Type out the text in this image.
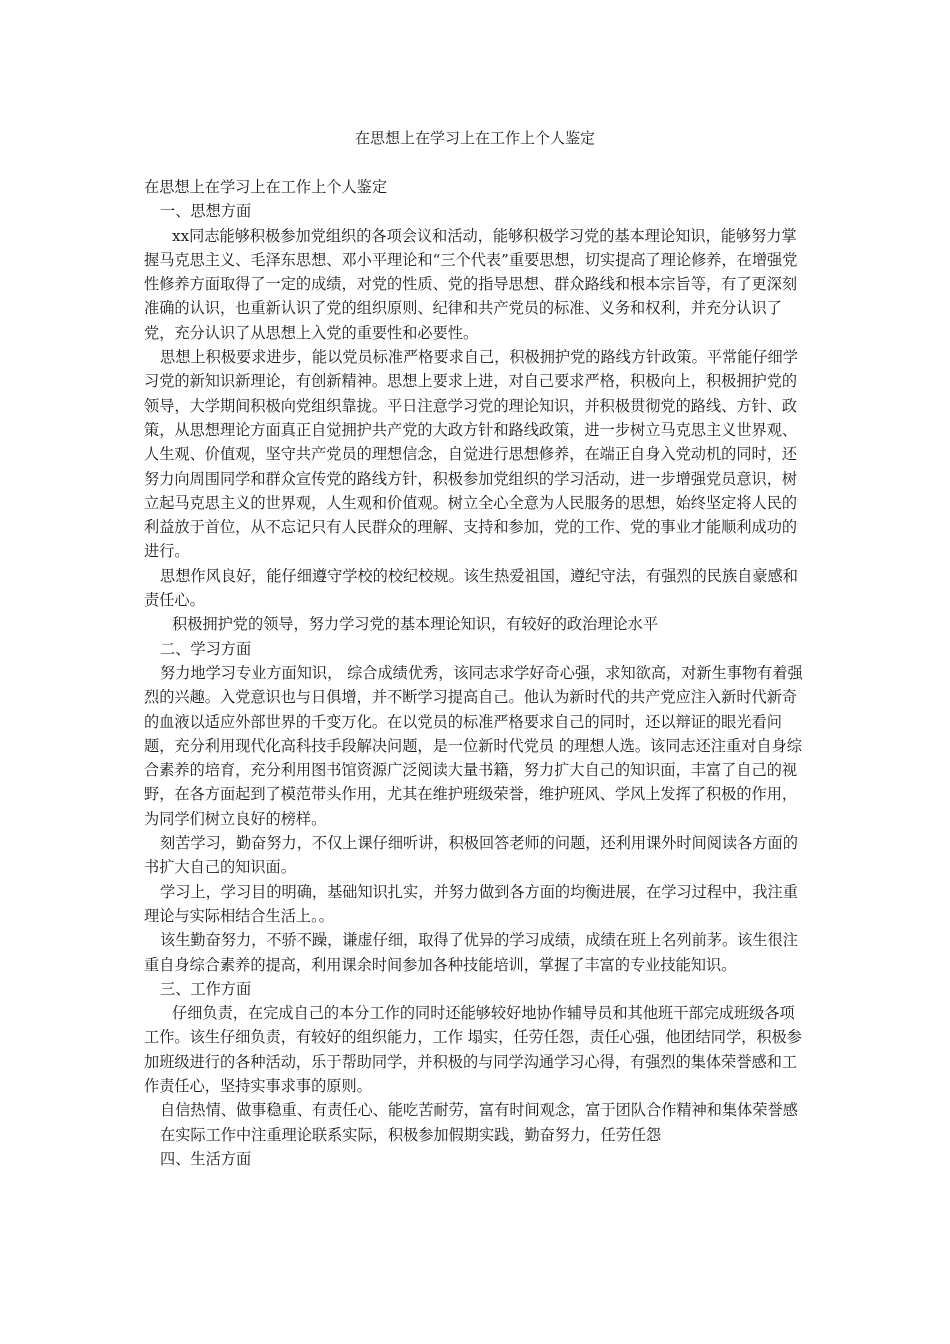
在思想上在学习上在工作上个人鉴定

在思想上在学习上在工作上个人鉴定

一、思想方面

xx同志能够积极参加党组织的各项会议和活动，能够积极学习党的基本理论知识，能够努力掌握马克思主义、毛泽东思想、邓小平理论和“三个代表”重要思想，切实提高了理论修养，在增强党性修养方面取得了一定的成绩，对党的性质、党的指导思想、群众路线和根本宗旨等，有了更深刻准确的认识，也重新认识了党的组织原则、纪律和共产党员的标准、义务和权利，并充分认识了党，充分认识了从思想上入党的重要性和必要性。

思想上积极要求进步，能以党员标准严格要求自己，积极拥护党的路线方针政策。平常能仔细学习党的新知识新理论，有创新精神。思想上要求上进，对自己要求严格，积极向上，积极拥护党的领导，大学期间积极向党组织靠拢。平日注意学习党的理论知识，并积极贯彻党的路线、方针、政策，从思想理论方面真正自觉拥护共产党的大政方针和路线政策，进一步树立马克思主义世界观、人生观、价值观，坚守共产党员的理想信念，自觉进行思想修养，在端正自身入党动机的同时，还努力向周围同学和群众宣传党的路线方针，积极参加党组织的学习活动，进一步增强党员意识，树立起马克思主义的世界观，人生观和价值观。树立全心全意为人民服务的思想，始终坚定将人民的利益放于首位，从不忘记只有人民群众的理解、支持和参加，党的工作、党的事业才能顺利成功的进行。

思想作风良好，能仔细遵守学校的校纪校规。该生热爱祖国，遵纪守法，有强烈的民族自豪感和责任心。

积极拥护党的领导，努力学习党的基本理论知识，有较好的政治理论水平

二、学习方面

努力地学习专业方面知识， 综合成绩优秀，该同志求学好奇心强，求知欲高，对新生事物有着强烈的兴趣。入党意识也与日俱增，并不断学习提高自己。他认为新时代的共产党应注入新时代新奇的血液以适应外部世界的千变万化。在以党员的标准严格要求自己的同时，还以辩证的眼光看问题，充分利用现代化高科技手段解决问题，是一位新时代党员 的理想人选。该同志还注重对自身综合素养的培育，充分利用图书馆资源广泛阅读大量书籍，努力扩大自己的知识面，丰富了自己的视野，在各方面起到了模范带头作用，尤其在维护班级荣誉，维护班风、学风上发挥了积极的作用，为同学们树立良好的榜样。

刻苦学习，勤奋努力，不仅上课仔细听讲，积极回答老师的问题，还利用课外时间阅读各方面的书扩大自己的知识面。

学习上，学习目的明确，基础知识扎实，并努力做到各方面的均衡进展，在学习过程中，我注重理论与实际相结合生活上。。

该生勤奋努力，不骄不躁，谦虚仔细，取得了优异的学习成绩，成绩在班上名列前茅。该生很注重自身综合素养的提高，利用课余时间参加各种技能培训，掌握了丰富的专业技能知识。

三、工作方面

仔细负责，在完成自己的本分工作的同时还能够较好地协作辅导员和其他班干部完成班级各项工作。该生仔细负责，有较好的组织能力，工作 塌实，任劳任怨，责任心强，他团结同学，积极参加班级进行的各种活动，乐于帮助同学，并积极的与同学沟通学习心得，有强烈的集体荣誉感和工作责任心，坚持实事求事的原则。

自信热情、做事稳重、有责任心、能吃苦耐劳，富有时间观念，富于团队合作精神和集体荣誉感

在实际工作中注重理论联系实际，积极参加假期实践，勤奋努力，任劳任怨

四、生活方面
